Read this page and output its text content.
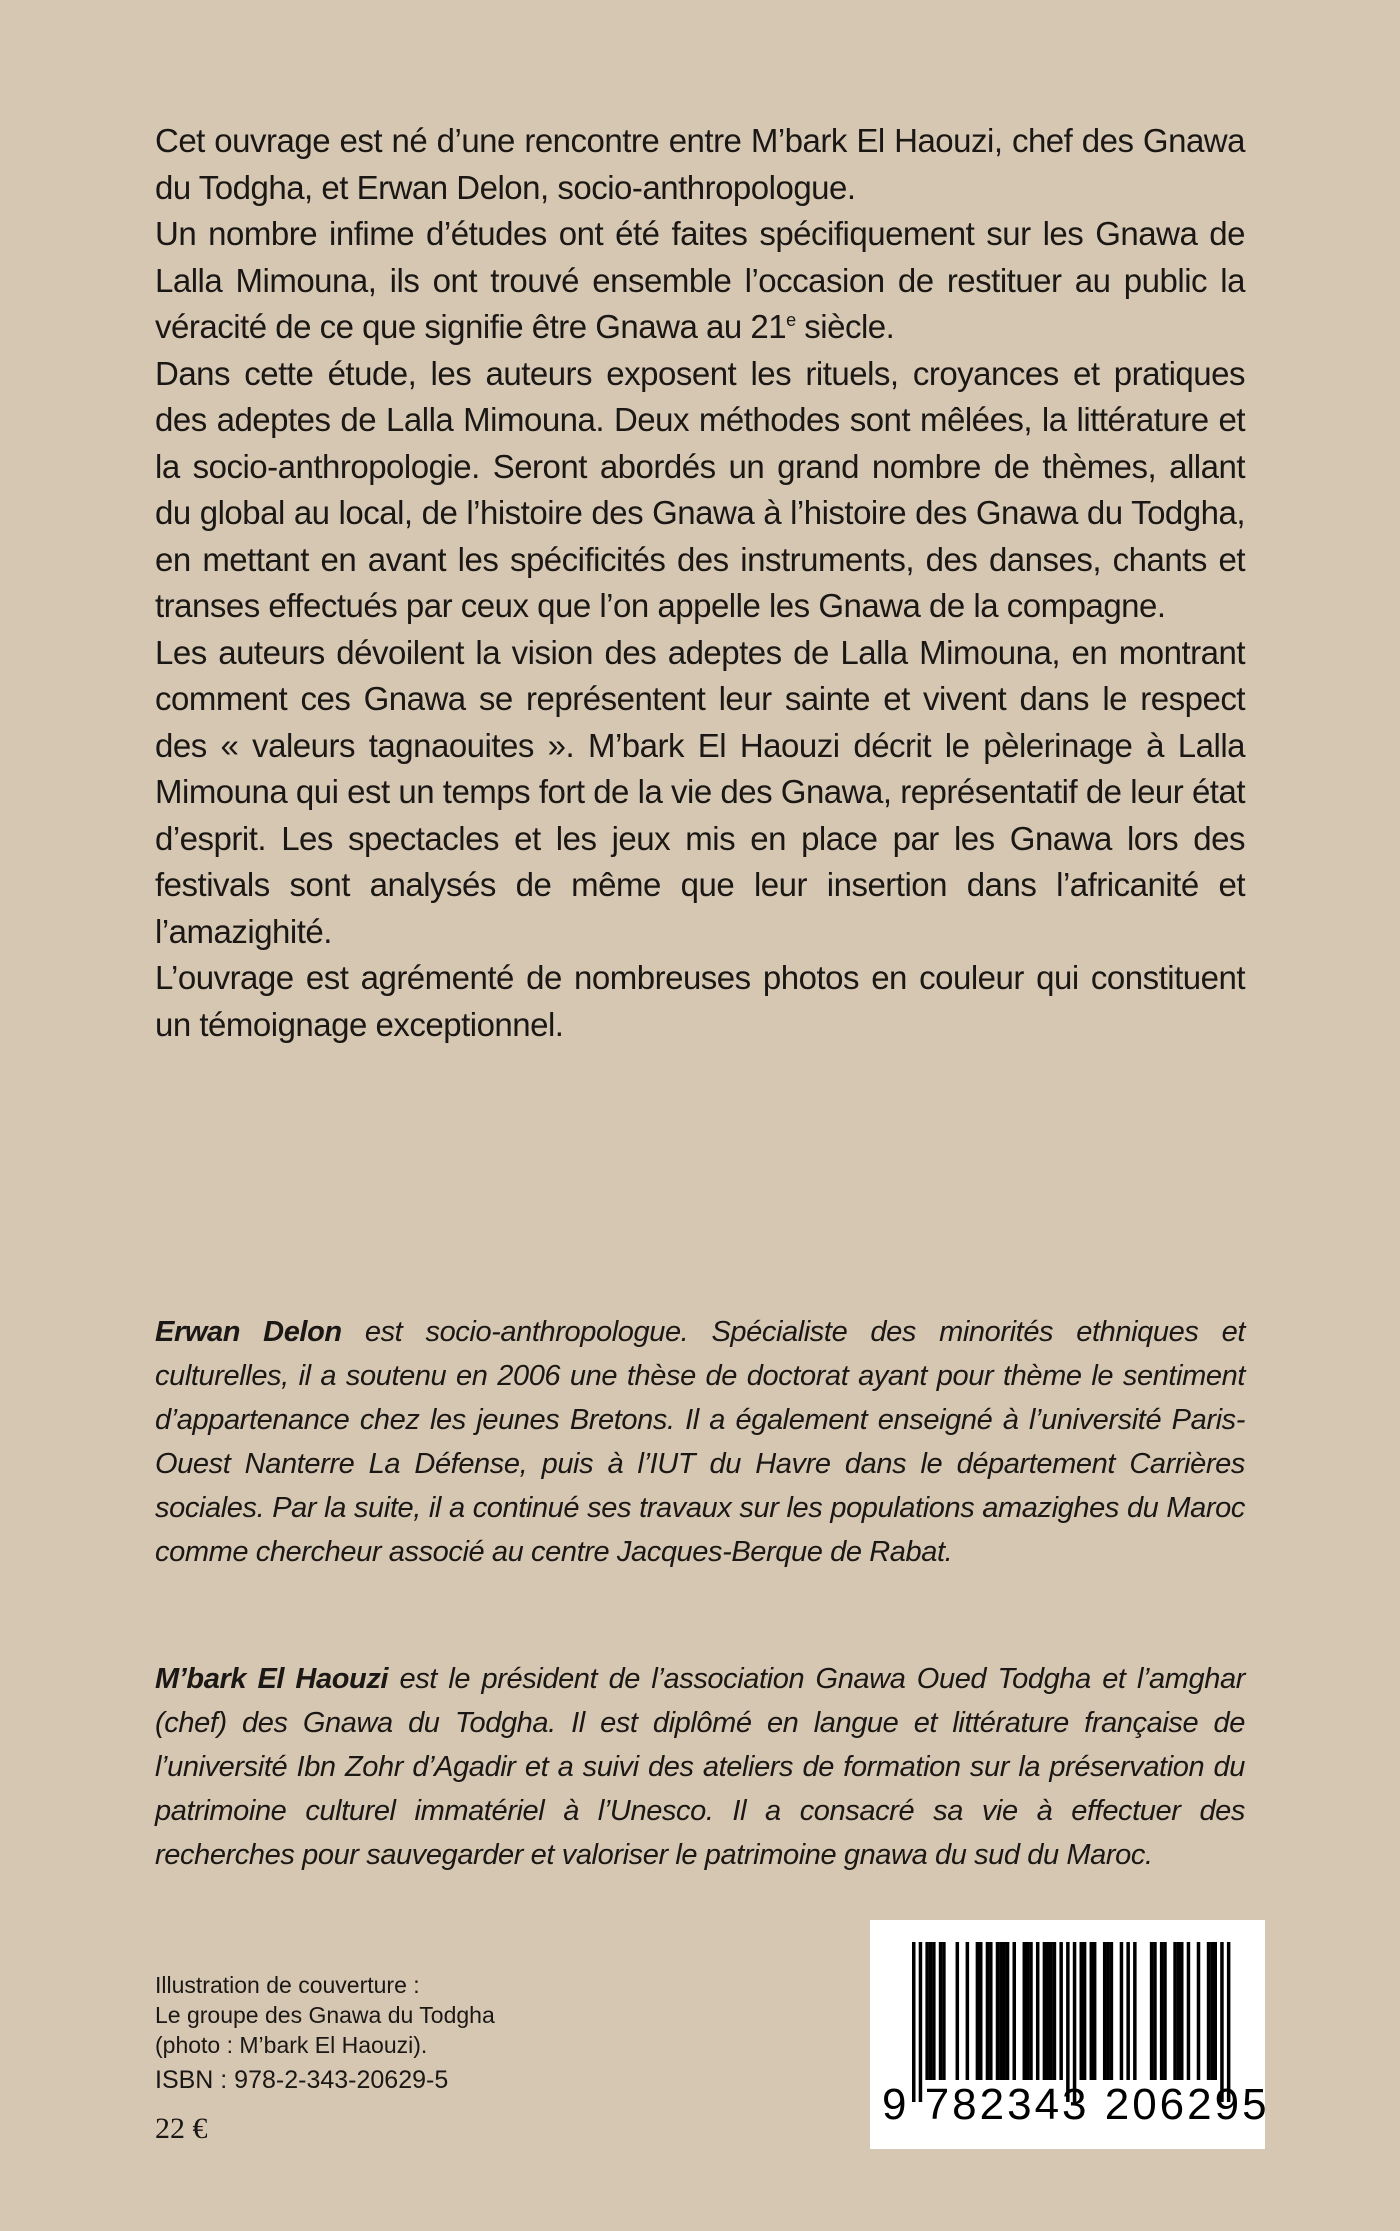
Cet ouvrage est né d’une rencontre entre M’bark El Haouzi, chef des Gnawa du Todgha, et Erwan Delon, socio-anthropologue.

Un nombre infime d’études ont été faites spécifiquement sur les Gnawa de Lalla Mimouna, ils ont trouvé ensemble l’occasion de restituer au public la véracité de ce que signifie être Gnawa au 21e siècle.

Dans cette étude, les auteurs exposent les rituels, croyances et pratiques des adeptes de Lalla Mimouna. Deux méthodes sont mêlées, la littérature et la socio-anthropologie. Seront abordés un grand nombre de thèmes, allant du global au local, de l’histoire des Gnawa à l’histoire des Gnawa du Todgha, en mettant en avant les spécificités des instruments, des danses, chants et transes effectués par ceux que l’on appelle les Gnawa de la compagne.

Les auteurs dévoilent la vision des adeptes de Lalla Mimouna, en montrant comment ces Gnawa se représentent leur sainte et vivent dans le respect des « valeurs tagnaouites ». M’bark El Haouzi décrit le pèlerinage à Lalla Mimouna qui est un temps fort de la vie des Gnawa, représentatif de leur état d’esprit. Les spectacles et les jeux mis en place par les Gnawa lors des festivals sont analysés de même que leur insertion dans l’africanité et l’amazighité.

L’ouvrage est agrémenté de nombreuses photos en couleur qui constituent un témoignage exceptionnel.

Erwan Delon est socio-anthropologue. Spécialiste des minorités ethniques et culturelles, il a soutenu en 2006 une thèse de doctorat ayant pour thème le sentiment d’appartenance chez les jeunes Bretons. Il a également enseigné à l’université Paris-Ouest Nanterre La Défense, puis à l’IUT du Havre dans le département Carrières sociales. Par la suite, il a continué ses travaux sur les populations amazighes du Maroc comme chercheur associé au centre Jacques-Berque de Rabat.
M’bark El Haouzi est le président de l’association Gnawa Oued Todgha et l’amghar (chef) des Gnawa du Todgha. Il est diplômé en langue et littérature française de l’université Ibn Zohr d’Agadir et a suivi des ateliers de formation sur la préservation du patrimoine culturel immatériel à l’Unesco. Il a consacré sa vie à effectuer des recherches pour sauvegarder et valoriser le patrimoine gnawa du sud du Maroc.
Illustration de couverture :
Le groupe des Gnawa du Todgha
(photo : M’bark El Haouzi).
ISBN : 978-2-343-20629-5
22 €	9 782343 206295
